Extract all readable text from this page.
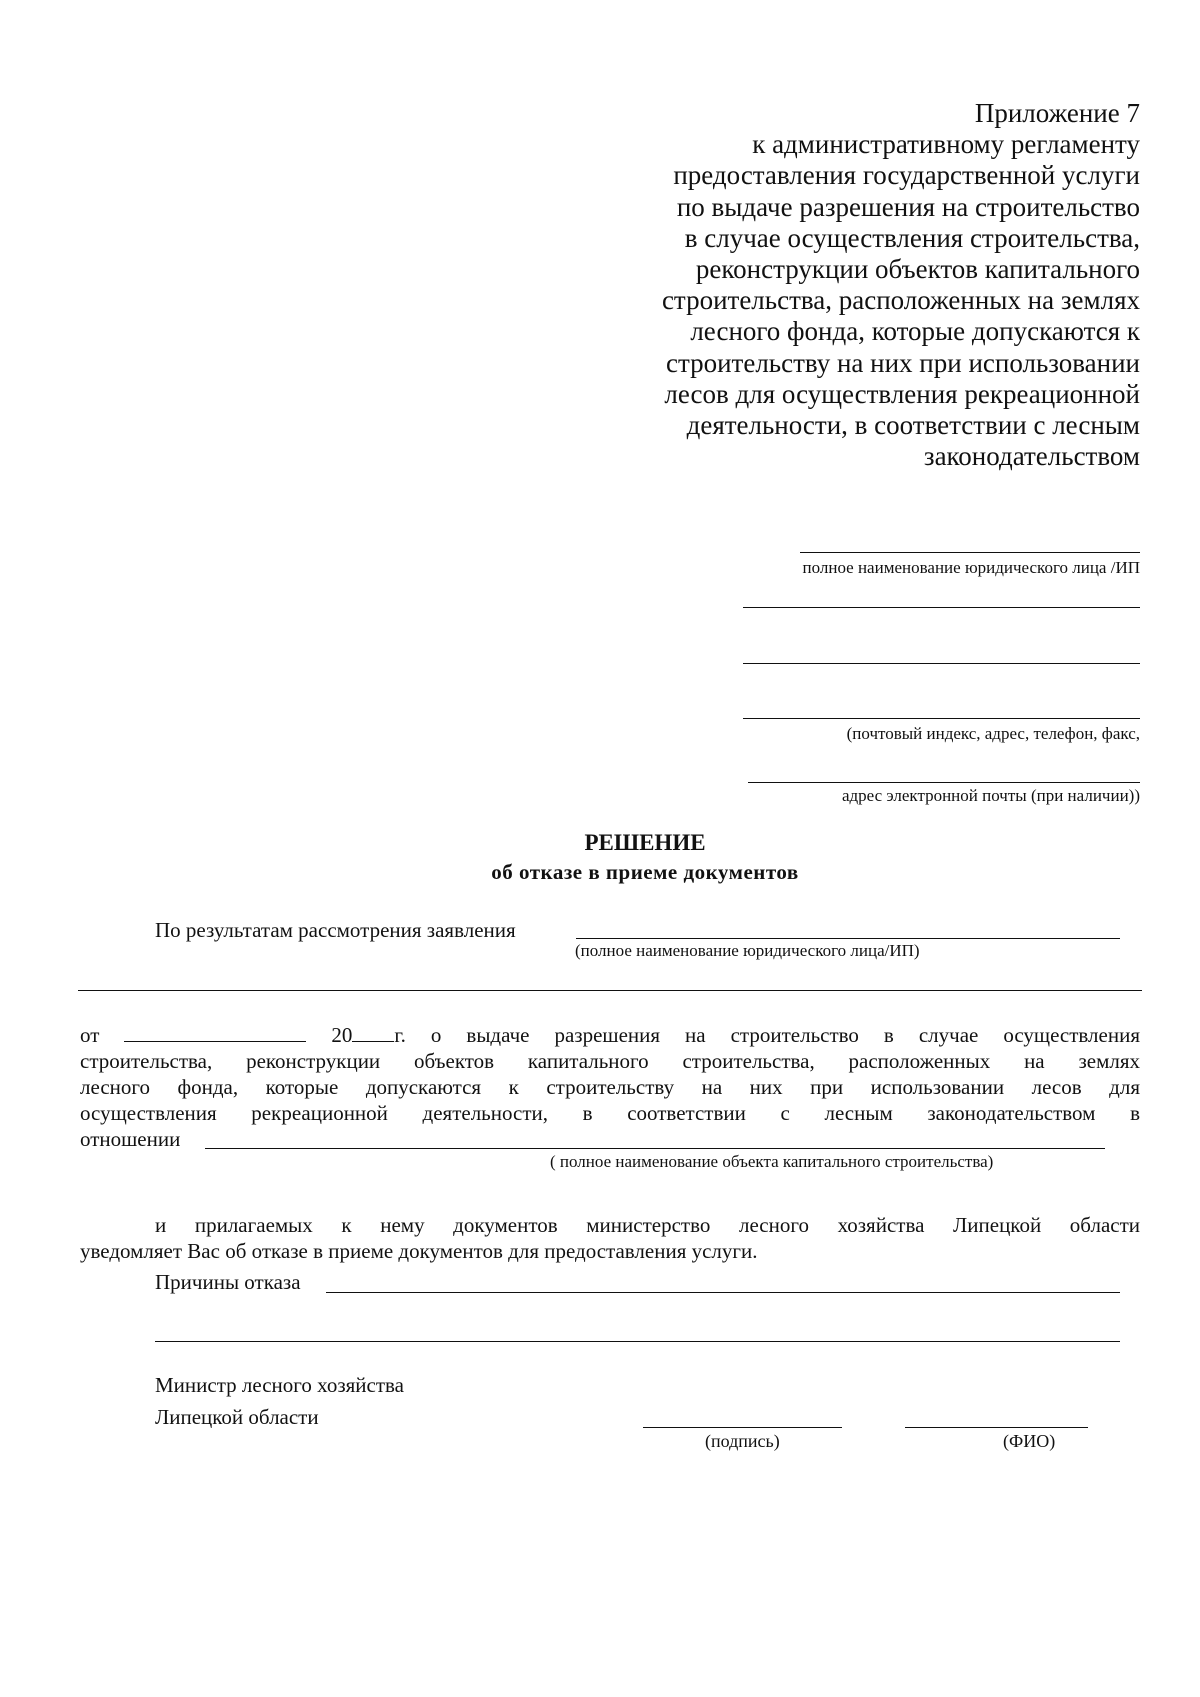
Приложение 7
к административному регламенту
предоставления государственной услуги
по выдаче разрешения на строительство
в случае осуществления строительства,
реконструкции объектов капитального
строительства, расположенных на землях
лесного фонда, которые допускаются к
строительству на них при использовании
лесов для осуществления рекреационной
деятельности, в соответствии с лесным
законодательством
полное наименование юридического лица /ИП
(почтовый индекс, адрес, телефон, факс,
адрес электронной почты (при наличии))
РЕШЕНИЕ
об отказе в приеме документов
По результатам рассмотрения заявления
(полное наименование юридического лица/ИП)
от	20 г. о выдаче разрешения на строительство в случае осуществления
строительства, реконструкции объектов капитального строительства, расположенных на землях
лесного фонда, которые допускаются к строительству на них при использовании лесов для
осуществления рекреационной деятельности, в соответствии с лесным законодательством в
отношении
( полное наименование объекта капитального строительства)
и прилагаемых к нему документов министерство лесного хозяйства Липецкой области
уведомляет Вас об отказе в приеме документов для предоставления услуги.
Причины отказа
Министр лесного хозяйства
Липецкой области
(подпись)	(ФИО)
